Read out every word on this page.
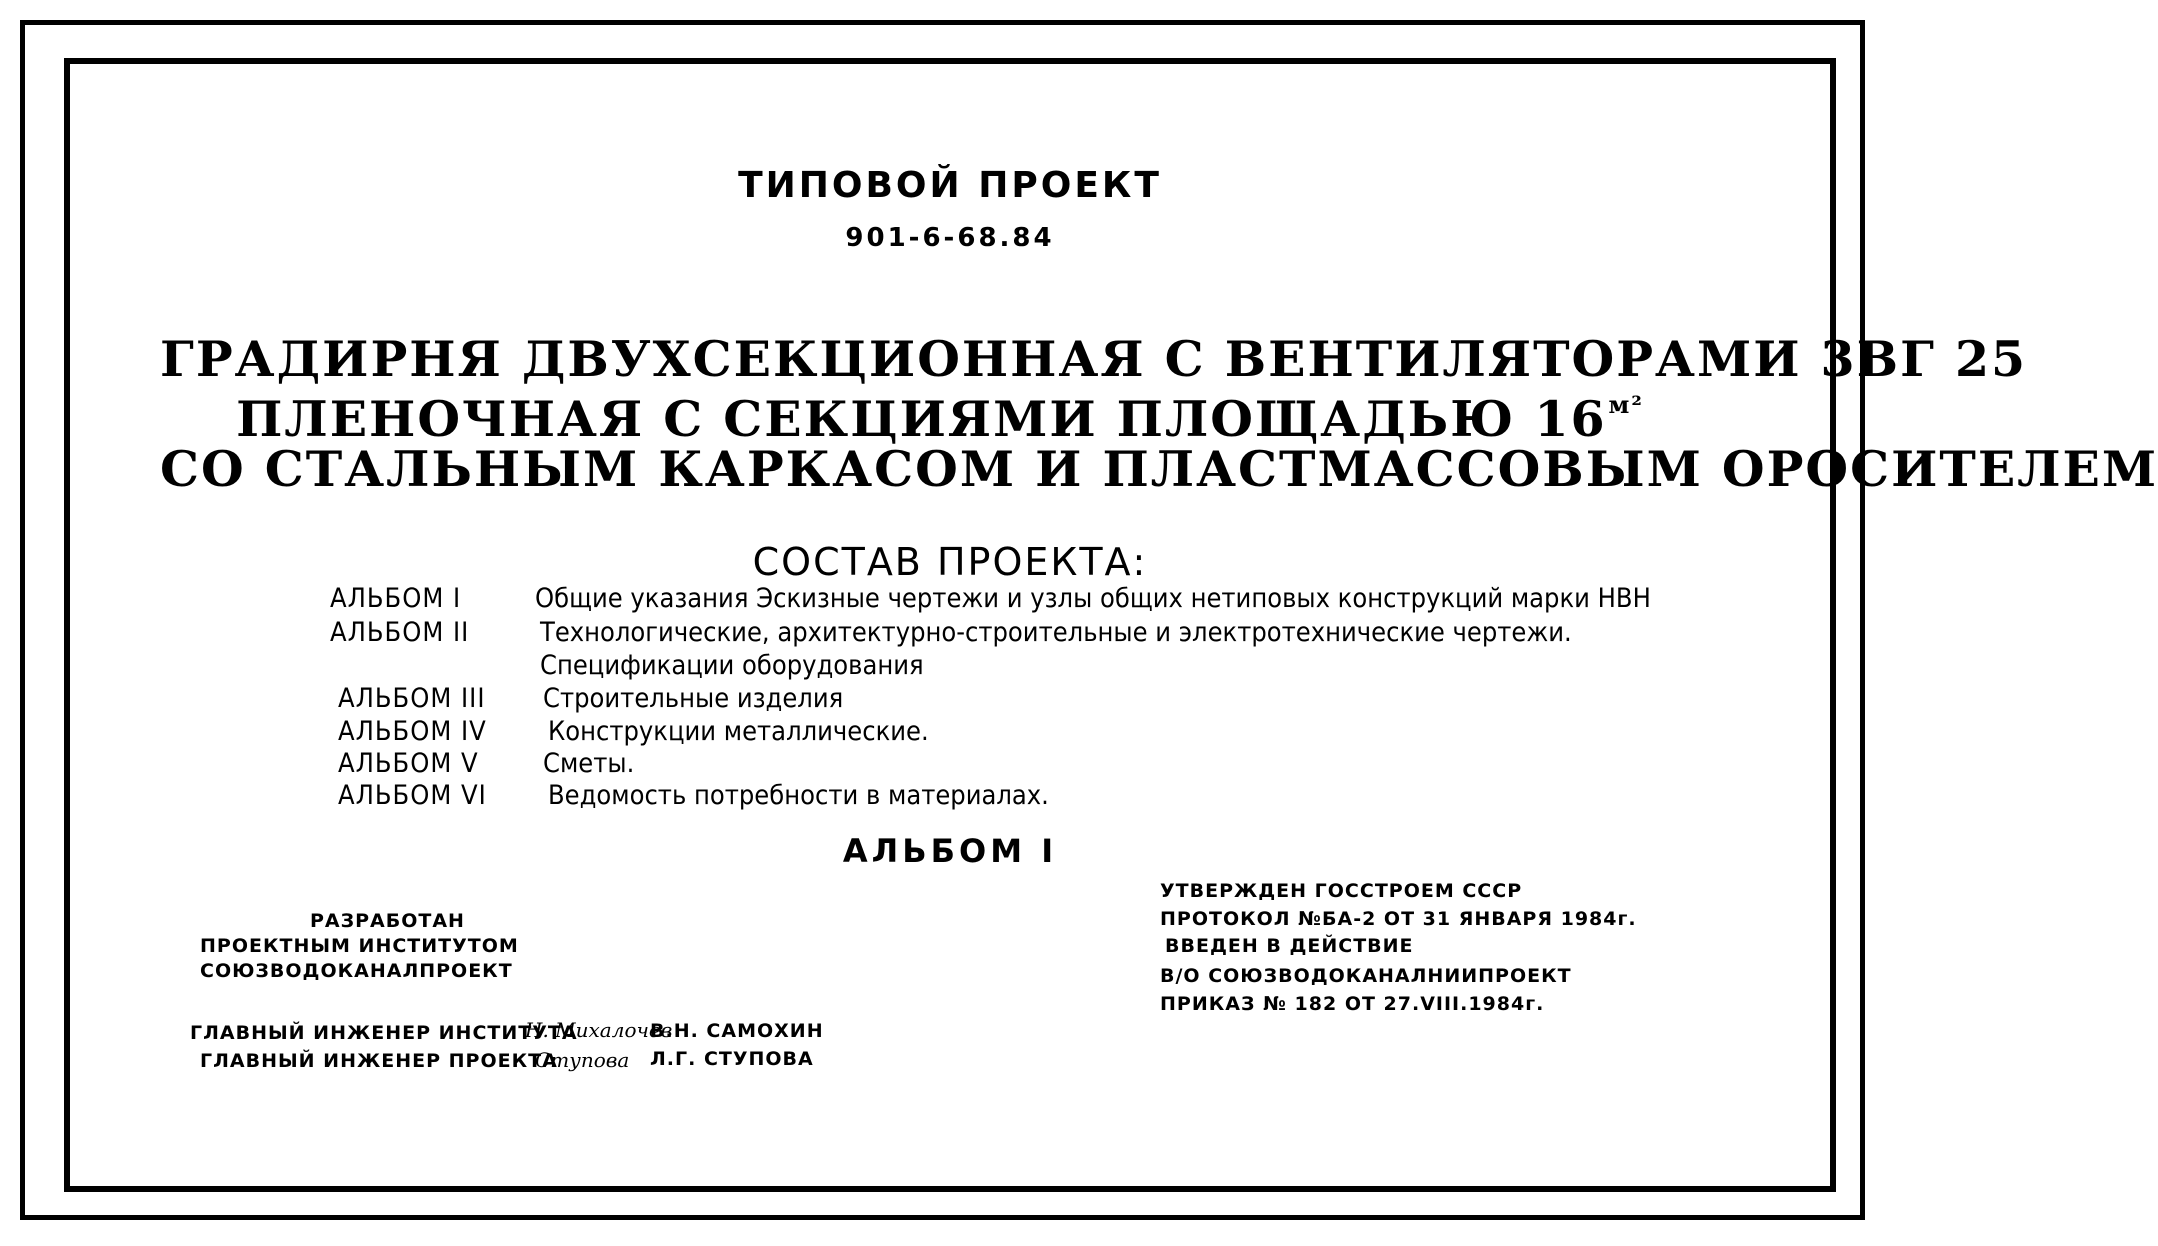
ТИПОВОЙ ПРОЕКТ
901-6-68.84
ГРАДИРНЯ ДВУХСЕКЦИОННАЯ С ВЕНТИЛЯТОРАМИ 3ВГ 25
ПЛЕНОЧНАЯ С СЕКЦИЯМИ ПЛОЩАДЬЮ $16^{м^2}$
СО СТАЛЬНЫМ КАРКАСОМ И ПЛАСТМАССОВЫМ ОРОСИТЕЛЕМ
СОСТАВ ПРОЕКТА:
АЛЬБОМ I	Общие указания Эскизные чертежи и узлы общих нетиповых конструкций марки НВН
АЛЬБОМ II	Технологические, архитектурно-строительные и электротехнические чертежи.
Спецификации оборудования
АЛЬБОМ III Строительные изделия
АЛЬБОМ IV Конструкции металлические.
АЛЬБОМ V Сметы.
АЛЬБОМ VI Ведомость потребности в материалах.
АЛЬБОМ I
РАЗРАБОТАН
ПРОЕКТНЫМ ИНСТИТУТОМ
СОЮЗВОДОКАНАЛПРОЕКТ
УТВЕРЖДЕН ГОССТРОЕМ СССР
ПРОТОКОЛ №БА-2 ОТ 31 ЯНВАРЯ 1984г.
ВВЕДЕН В ДЕЙСТВИЕ
В/О СОЮЗВОДОКАНАЛНИИПРОЕКТ
ПРИКАЗ № 182 ОТ 27.VIII.1984г.
ГЛАВНЫЙ ИНЖЕНЕР ИНСТИТУТА
Н. Михалочев
В.Н. САМОХИН
ГЛАВНЫЙ ИНЖЕНЕР ПРОЕКТА
Ступова Л.Г. СТУПОВА
